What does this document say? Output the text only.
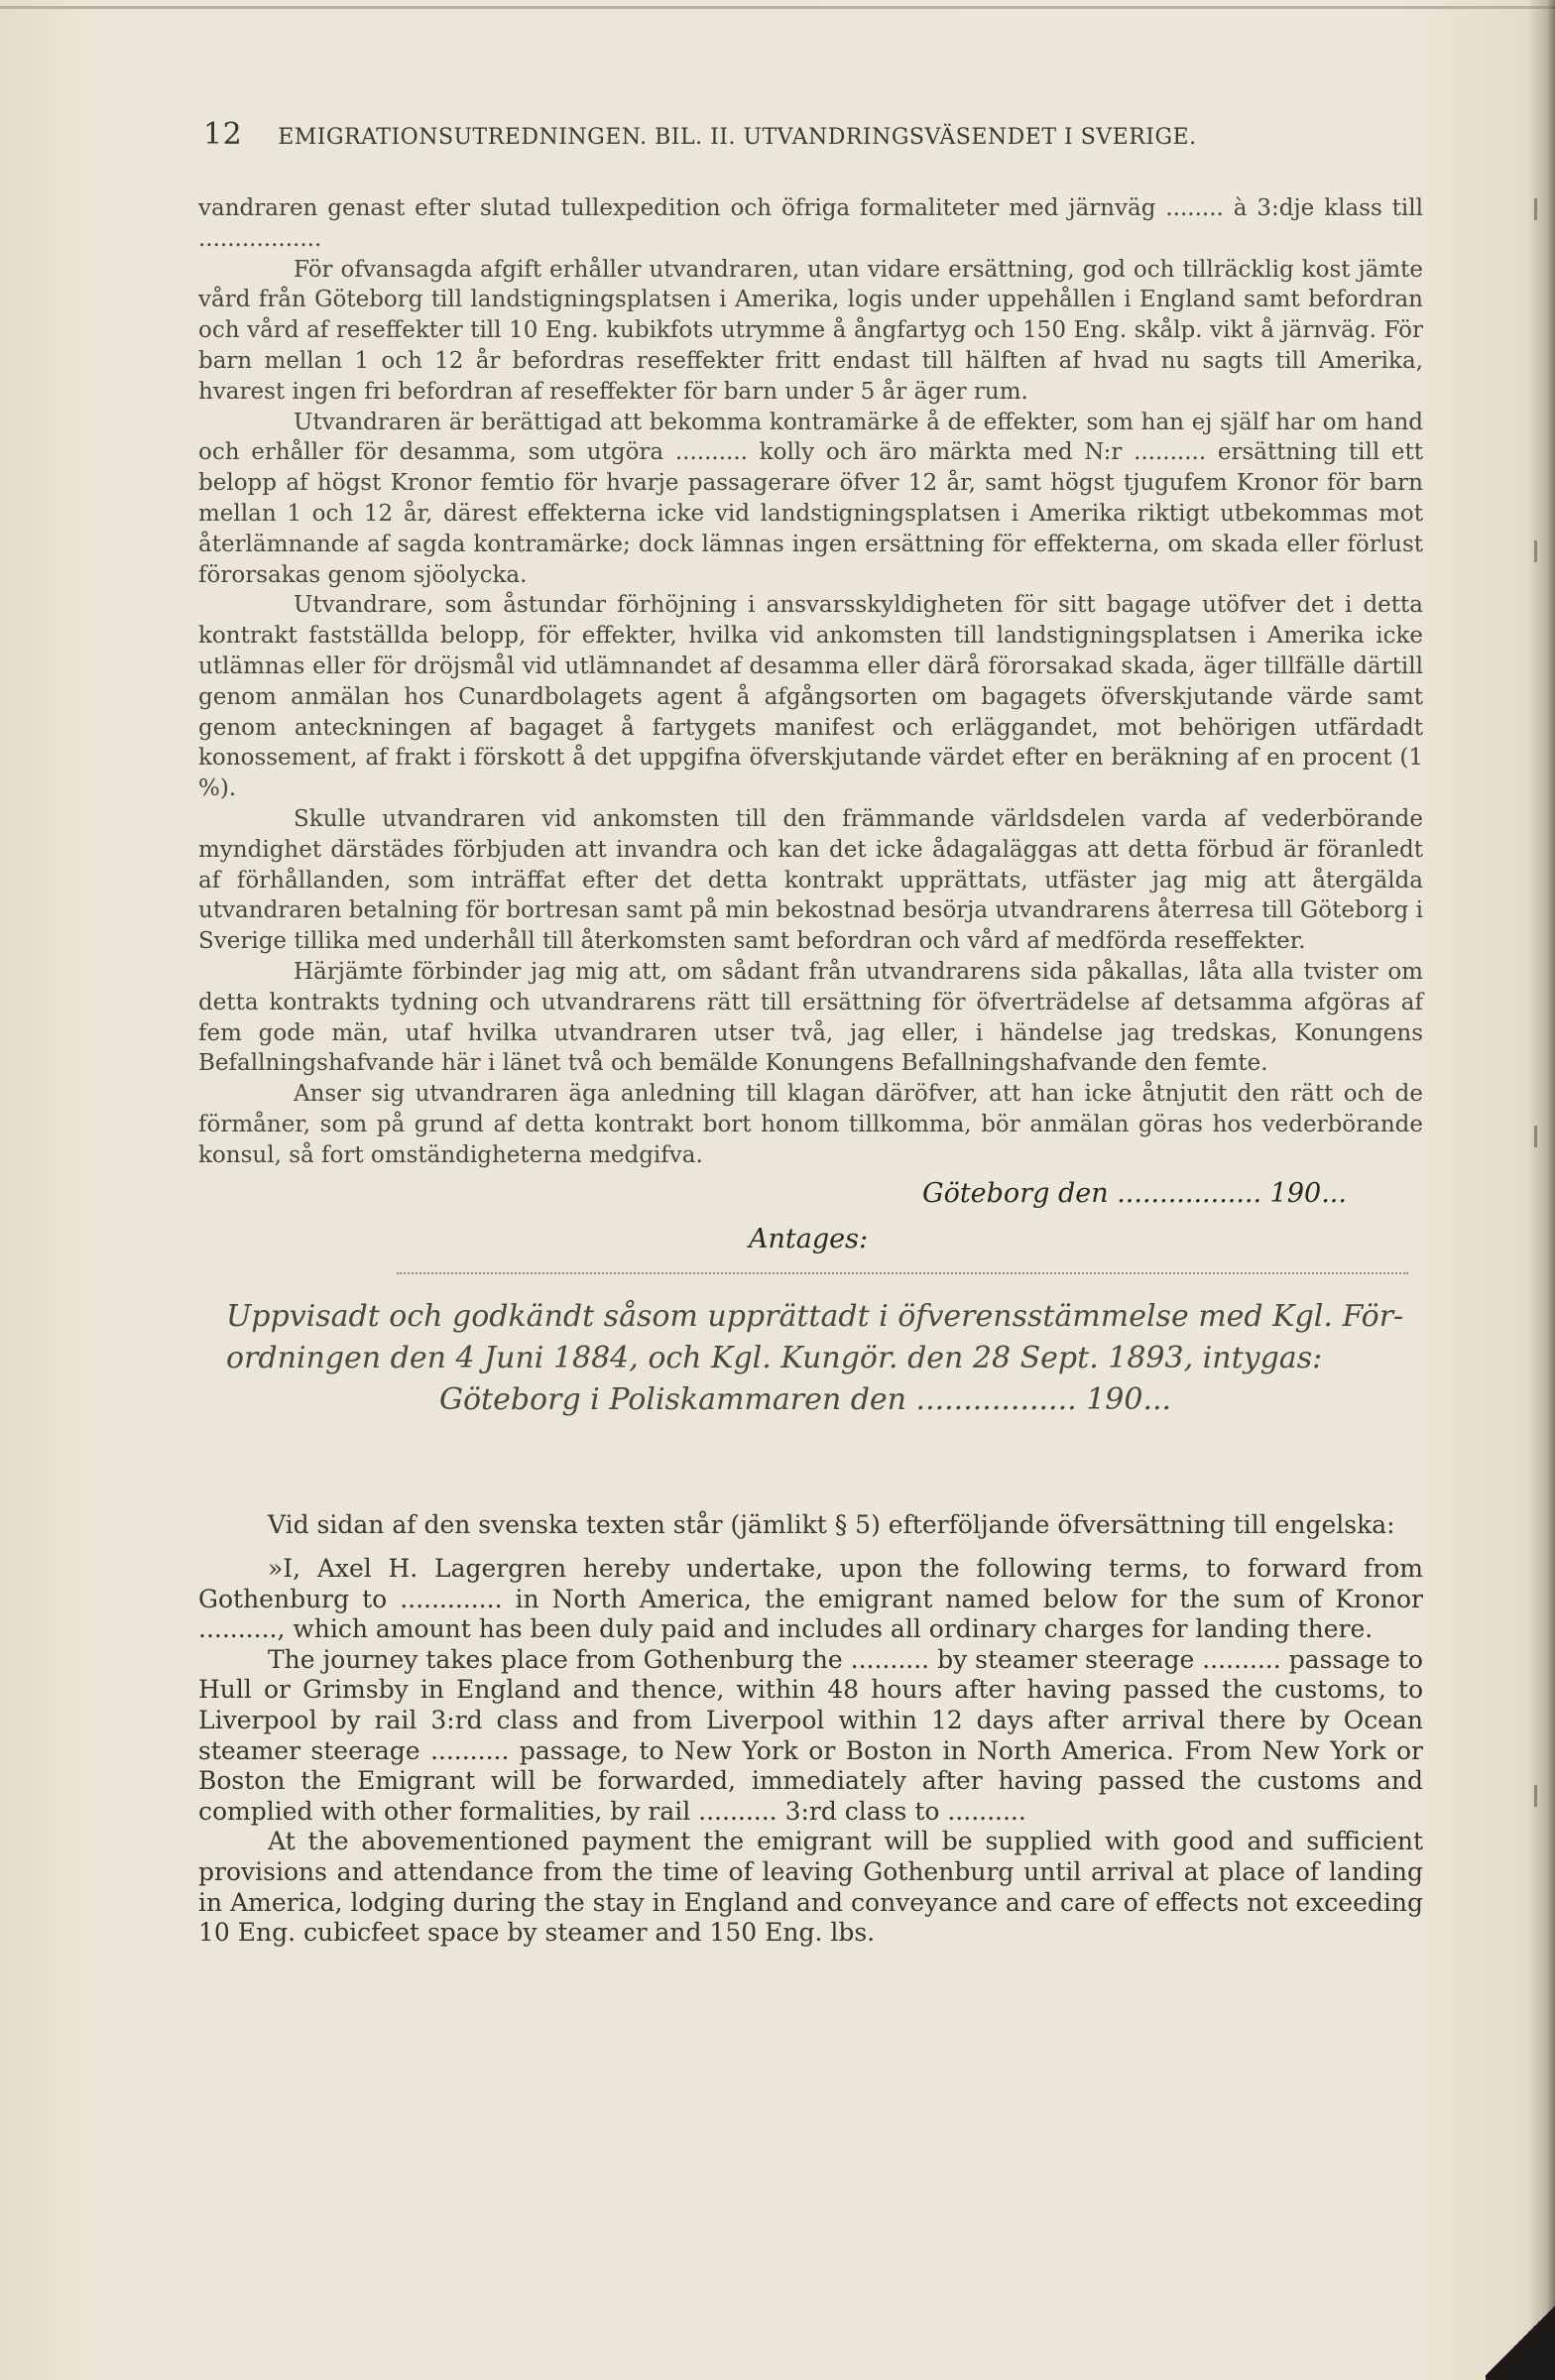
12 EMIGRATIONSUTREDNINGEN. BIL. II. UTVANDRINGSVÄSENDET I SVERIGE.

vandraren genast efter slutad tullexpedition och öfriga formaliteter med järnväg ........ à 3:dje klass till .................

För ofvansagda afgift erhåller utvandraren, utan vidare ersättning, god och tillräcklig kost jämte vård från Göteborg till landstigningsplatsen i Amerika, logis under uppehållen i England samt befordran och vård af reseffekter till 10 Eng. kubikfots utrymme å ångfartyg och 150 Eng. skålp. vikt å järnväg. För barn mellan 1 och 12 år befordras reseffekter fritt endast till hälften af hvad nu sagts till Amerika, hvarest ingen fri befordran af reseffekter för barn under 5 år äger rum.

Utvandraren är berättigad att bekomma kontramärke å de effekter, som han ej själf har om hand och erhåller för desamma, som utgöra .......... kolly och äro märkta med N:r .......... ersättning till ett belopp af högst Kronor femtio för hvarje passagerare öfver 12 år, samt högst tjugufem Kronor för barn mellan 1 och 12 år, därest effekterna icke vid landstigningsplatsen i Amerika riktigt utbekommas mot återlämnande af sagda kontramärke; dock lämnas ingen ersättning för effekterna, om skada eller förlust förorsakas genom sjöolycka.

Utvandrare, som åstundar förhöjning i ansvarsskyldigheten för sitt bagage utöfver det i detta kontrakt fastställda belopp, för effekter, hvilka vid ankomsten till landstigningsplatsen i Amerika icke utlämnas eller för dröjsmål vid utlämnandet af desamma eller därå förorsakad skada, äger tillfälle därtill genom anmälan hos Cunardbolagets agent å afgångsorten om bagagets öfverskjutande värde samt genom anteckningen af bagaget å fartygets manifest och erläggandet, mot behörigen utfärdadt konossement, af frakt i förskott å det uppgifna öfverskjutande värdet efter en beräkning af en procent (1 %).

Skulle utvandraren vid ankomsten till den främmande världsdelen varda af vederbörande myndighet därstädes förbjuden att invandra och kan det icke ådagaläggas att detta förbud är föranledt af förhållanden, som inträffat efter det detta kontrakt upprättats, utfäster jag mig att återgälda utvandraren betalning för bortresan samt på min bekostnad besörja utvandrarens återresa till Göteborg i Sverige tillika med underhåll till återkomsten samt befordran och vård af medförda reseffekter.

Härjämte förbinder jag mig att, om sådant från utvandrarens sida påkallas, låta alla tvister om detta kontrakts tydning och utvandrarens rätt till ersättning för öfverträdelse af detsamma afgöras af fem gode män, utaf hvilka utvandraren utser två, jag eller, i händelse jag tredskas, Konungens Befallningshafvande här i länet två och bemälde Konungens Befallningshafvande den femte.

Anser sig utvandraren äga anledning till klagan däröfver, att han icke åtnjutit den rätt och de förmåner, som på grund af detta kontrakt bort honom tillkomma, bör anmälan göras hos vederbörande konsul, så fort omständigheterna medgifva.

Göteborg den ................. 190...
Antages:
Uppvisadt och godkändt såsom upprättadt i öfverensstämmelse med Kgl. För-
ordningen den 4 Juni 1884, och Kgl. Kungör. den 28 Sept. 1893, intygas:
Göteborg i Poliskammaren den ................. 190...

Vid sidan af den svenska texten står (jämlikt § 5) efterföljande öfversättning till engelska:

»I, Axel H. Lagergren hereby undertake, upon the following terms, to forward from Gothenburg to ............. in North America, the emigrant named below for the sum of Kronor .........., which amount has been duly paid and includes all ordinary charges for landing there.

The journey takes place from Gothenburg the .......... by steamer steerage .......... passage to Hull or Grimsby in England and thence, within 48 hours after having passed the customs, to Liverpool by rail 3:rd class and from Liverpool within 12 days after arrival there by Ocean steamer steerage .......... passage, to New York or Boston in North America. From New York or Boston the Emigrant will be forwarded, immediately after having passed the customs and complied with other formalities, by rail .......... 3:rd class to ..........

At the abovementioned payment the emigrant will be supplied with good and sufficient provisions and attendance from the time of leaving Gothenburg until arrival at place of landing in America, lodging during the stay in England and conveyance and care of effects not exceeding 10 Eng. cubicfeet space by steamer and 150 Eng. lbs.
